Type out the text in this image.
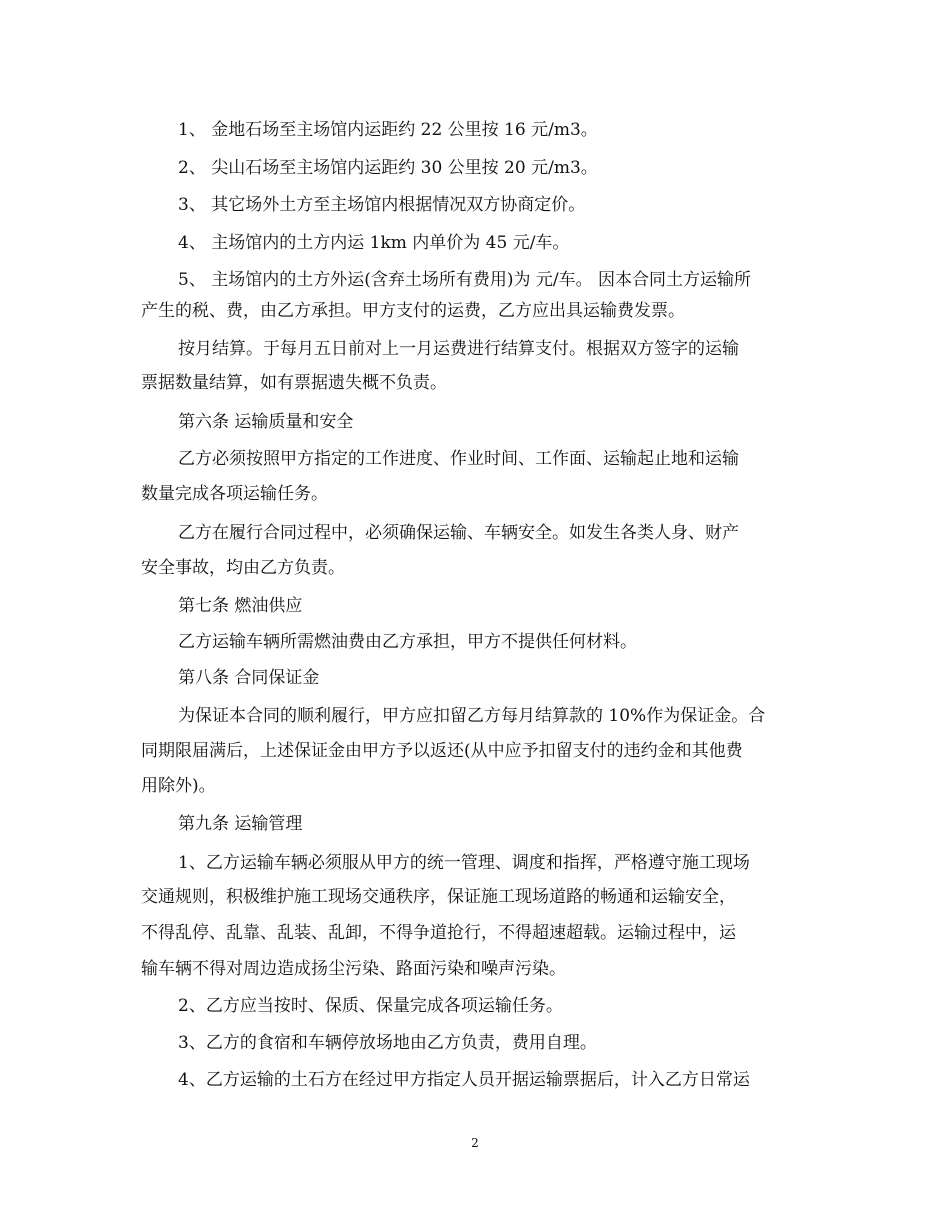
1、 金地石场至主场馆内运距约 22 公里按 16 元/m3。
2、 尖山石场至主场馆内运距约 30 公里按 20 元/m3。
3、 其它场外土方至主场馆内根据情况双方协商定价。
4、 主场馆内的土方内运 1km 内单价为 45 元/车。
5、 主场馆内的土方外运(含弃土场所有费用)为 元/车。 因本合同土方运输所
产生的税、费，由乙方承担。甲方支付的运费，乙方应出具运输费发票。
按月结算。于每月五日前对上一月运费进行结算支付。根据双方签字的运输
票据数量结算，如有票据遗失概不负责。
第六条 运输质量和安全
乙方必须按照甲方指定的工作进度、作业时间、工作面、运输起止地和运输
数量完成各项运输任务。
乙方在履行合同过程中，必须确保运输、车辆安全。如发生各类人身、财产
安全事故，均由乙方负责。
第七条 燃油供应
乙方运输车辆所需燃油费由乙方承担，甲方不提供任何材料。
第八条 合同保证金
为保证本合同的顺利履行，甲方应扣留乙方每月结算款的 10%作为保证金。合
同期限届满后，上述保证金由甲方予以返还(从中应予扣留支付的违约金和其他费
用除外)。
第九条 运输管理
1、乙方运输车辆必须服从甲方的统一管理、调度和指挥，严格遵守施工现场
交通规则，积极维护施工现场交通秩序，保证施工现场道路的畅通和运输安全，
不得乱停、乱靠、乱装、乱卸，不得争道抢行，不得超速超载。运输过程中，运
输车辆不得对周边造成扬尘污染、路面污染和噪声污染。
2、乙方应当按时、保质、保量完成各项运输任务。
3、乙方的食宿和车辆停放场地由乙方负责，费用自理。
4、乙方运输的土石方在经过甲方指定人员开据运输票据后，计入乙方日常运
2
